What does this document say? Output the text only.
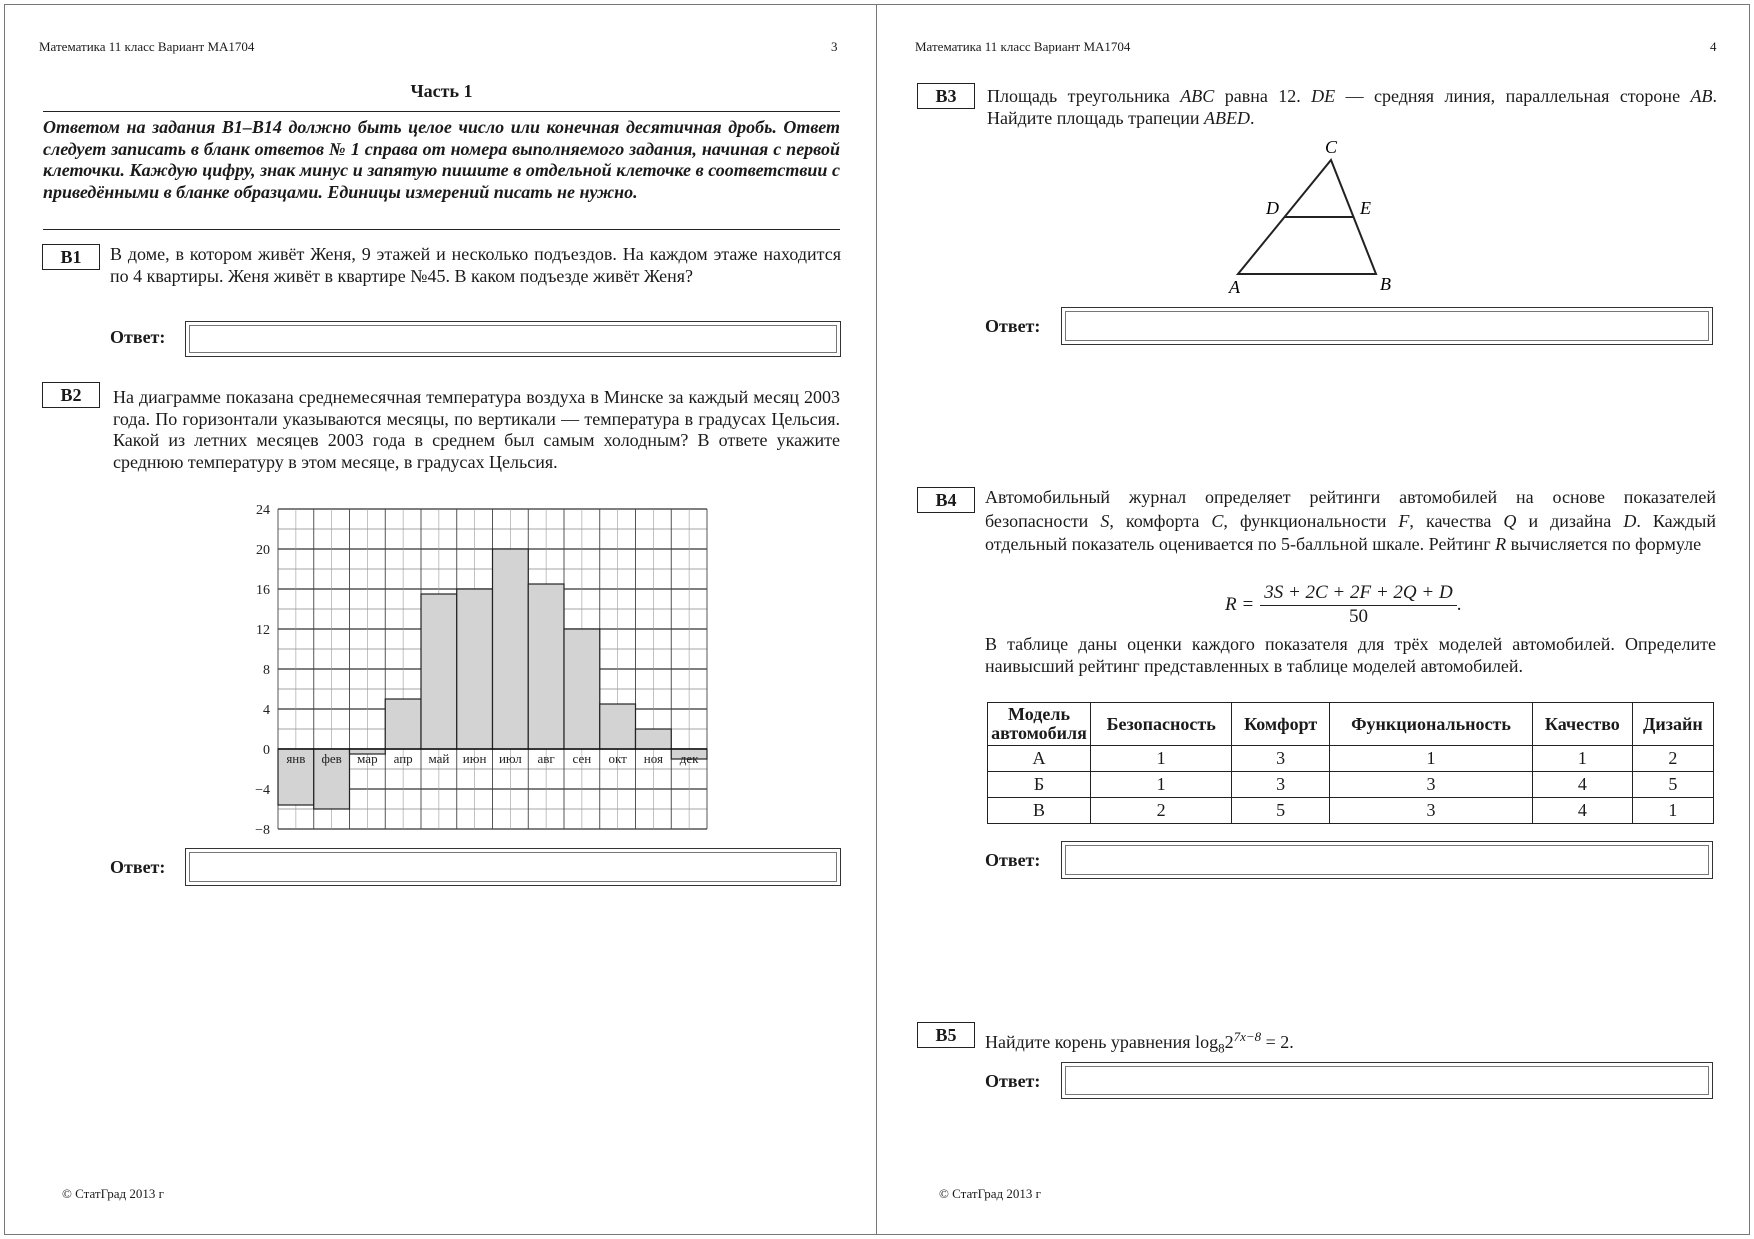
Математика 11 класс Вариант МА1704	3
Часть 1
Ответом на задания В1–В14 должно быть целое число или конечная десятичная дробь. Ответ следует записать в бланк ответов № 1 справа от номера выполняемого задания, начиная с первой клеточки. Каждую цифру, знак минус и запятую пишите в отдельной клеточке в соответствии с приведёнными в бланке образцами. Единицы измерений писать не нужно.
B1	В доме, в котором живёт Женя, 9 этажей и несколько подъездов. На каждом этаже находится по 4 квартиры. Женя живёт в квартире №45. В каком подъезде живёт Женя?
Ответ:
B2	На диаграмме показана среднемесячная температура воздуха в Минске за каждый месяц 2003 года. По горизонтали указываются месяцы, по вертикали — температура в градусах Цельсия. Какой из летних месяцев 2003 года в среднем был самым холодным? В ответе укажите среднюю температуру в этом месяце, в градусах Цельсия.
янв фев мар апр май июн июл авг сен окт ноя дек
24
20
16
12
8
4
0
−4
−8
Ответ:
© СтатГрад 2013 г
Математика 11 класс Вариант МА1704	4
B3	Площадь треугольника ABC равна 12. DE — средняя линия, параллельная стороне AB. Найдите площадь трапеции ABED.
C
D	E
A	B
Ответ:
B4	Автомобильный журнал определяет рейтинги автомобилей на основе показателей безопасности S, комфорта C, функциональности F, качества Q и дизайна D. Каждый отдельный показатель оценивается по 5-балльной шкале. Рейтинг R вычисляется по формуле
$R = \frac{3S + 2C + 2F + 2Q + D}{50}$ .
В таблице даны оценки каждого показателя для трёх моделей автомобилей. Определите наивысший рейтинг представленных в таблице моделей автомобилей.
Модель
автомобиля	Безопасность	Комфорт	Функциональность	Качество	Дизайн
А	1	3	1	1	2
Б	1	3	3	4	5
В	2	5	3	4	1
Ответ:
B5	Найдите корень уравнения $\log_82^{7x-8} = 2$.
Ответ:
© СтатГрад 2013 г
